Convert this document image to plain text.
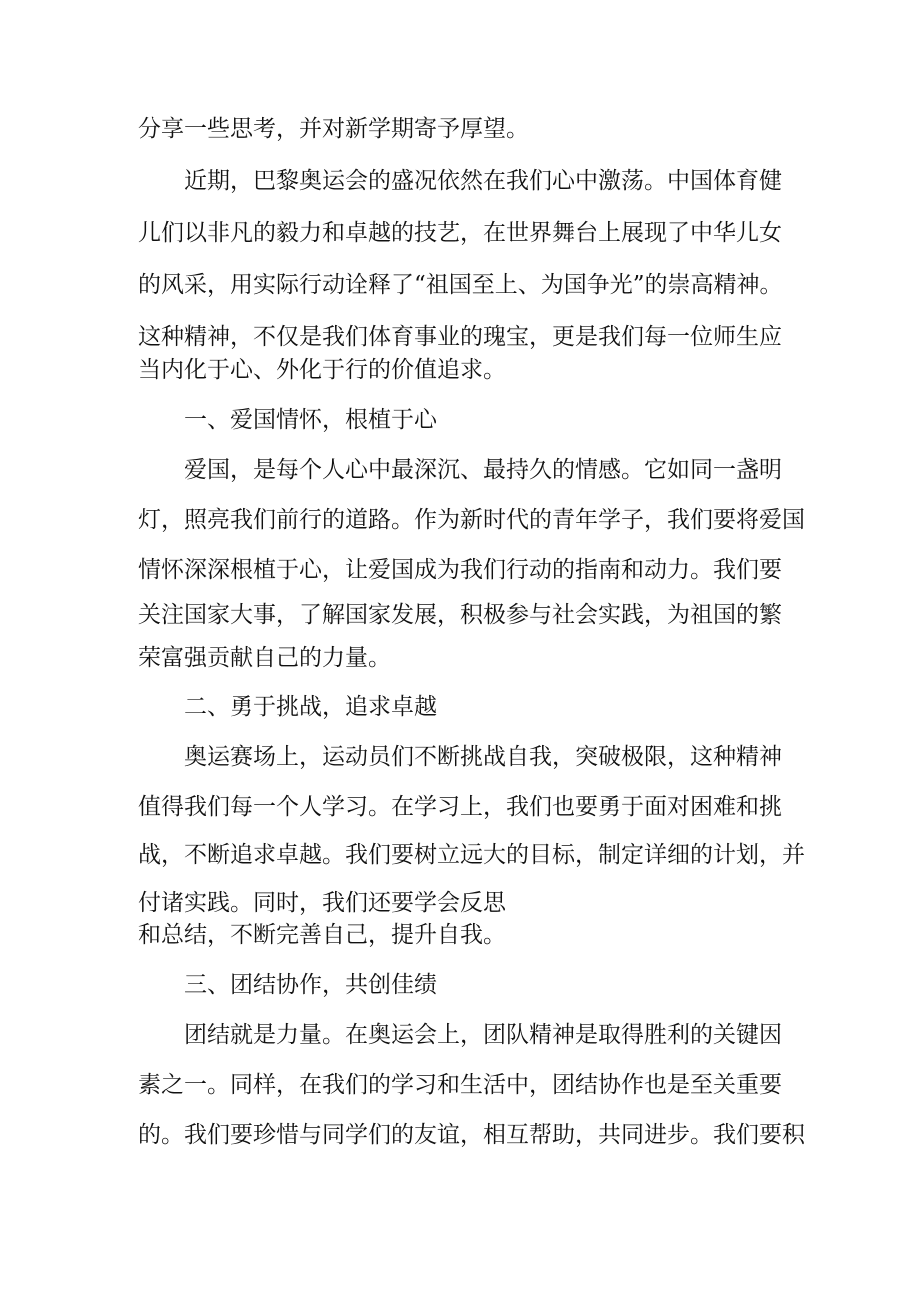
分享一些思考，并对新学期寄予厚望。

近期，巴黎奥运会的盛况依然在我们心中激荡。中国体育健

儿们以非凡的毅力和卓越的技艺，在世界舞台上展现了中华儿女

的风采，用实际行动诠释了“祖国至上、为国争光”的崇高精神。

这种精神，不仅是我们体育事业的瑰宝，更是我们每一位师生应

当内化于心、外化于行的价值追求。

一、爱国情怀，根植于心

爱国，是每个人心中最深沉、最持久的情感。它如同一盏明

灯，照亮我们前行的道路。作为新时代的青年学子，我们要将爱国

情怀深深根植于心，让爱国成为我们行动的指南和动力。我们要

关注国家大事，了解国家发展，积极参与社会实践，为祖国的繁

荣富强贡献自己的力量。

二、勇于挑战，追求卓越

奥运赛场上，运动员们不断挑战自我，突破极限，这种精神

值得我们每一个人学习。在学习上，我们也要勇于面对困难和挑

战，不断追求卓越。我们要树立远大的目标，制定详细的计划，并

付诸实践。同时，我们还要学会反思

和总结，不断完善自己，提升自我。

三、团结协作，共创佳绩

团结就是力量。在奥运会上，团队精神是取得胜利的关键因

素之一。同样，在我们的学习和生活中，团结协作也是至关重要

的。我们要珍惜与同学们的友谊，相互帮助，共同进步。我们要积
